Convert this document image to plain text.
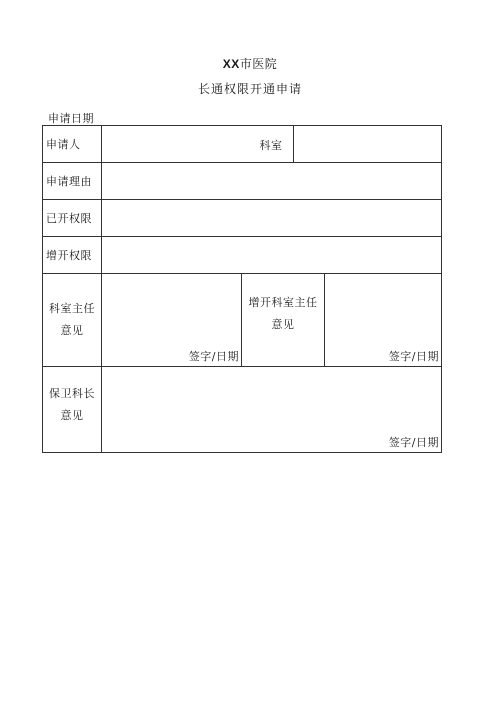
XX市医院
长通权限开通申请
申请日期
申请人	科室			

申请理由				
已开权限				
增开权限				
科室主任意见	签字/日期	增开科室主任意见		签字/日期

保卫科长意见	签字/日期			
